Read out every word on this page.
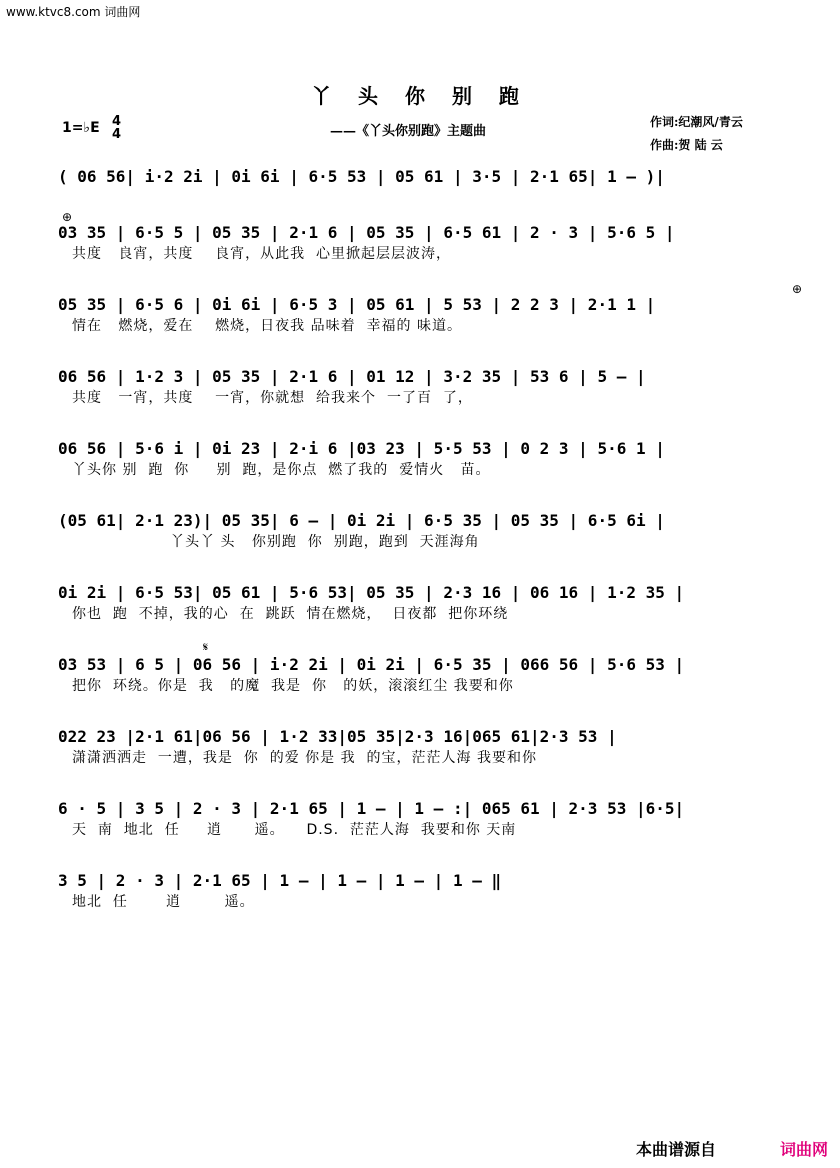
www.ktvc8.com 词曲网
丫 头 你 别 跑
——《丫头你别跑》主题曲
1=♭E 4
4
作词:纪潮风/青云
作曲:贺 陆 云
⊕
⊕
𝄋
( 06 56| i·2 2i | 0i 6i | 6·5 53 | 05 61 | 3·5 | 2·1 65| 1 — )|
03 35 | 6·5 5 | 05 35 | 2·1 6 | 05 35 | 6·5 61 | 2 · 3 | 5·6 5 |
共度   良宵，共度    良宵，从此我  心里掀起层层波涛，
05 35 | 6·5 6 | 0i 6i | 6·5 3 | 05 61 | 5 53 | 2 2 3 | 2·1 1 |
情在   燃烧，爱在    燃烧，日夜我 品味着  幸福的 味道。
06 56 | 1·2 3 | 05 35 | 2·1 6 | 01 12 | 3·2 35 | 53 6 | 5 — |
共度   一宵，共度    一宵，你就想  给我来个  一了百  了，
06 56 | 5·6 i | 0i 23 | 2·i 6 |03 23 | 5·5 53 | 0 2 3 | 5·6 1 |
丫头你 别  跑  你     别  跑，是你点  燃了我的  爱情火   苗。
(05 61| 2·1 23)| 05 35| 6 — | 0i 2i | 6·5 35 | 05 35 | 6·5 6i |
丫头丫 头   你别跑  你  别跑，跑到  天涯海角
0i 2i | 6·5 53| 05 61 | 5·6 53| 05 35 | 2·3 16 | 06 16 | 1·2 35 |
你也  跑  不掉，我的心  在  跳跃  情在燃烧，  日夜都  把你环绕
03 53 | 6 5 | 06 56 | i·2 2i | 0i 2i | 6·5 35 | 066 56 | 5·6 53 |
把你  环绕。你是  我   的魔  我是  你   的妖，滚滚红尘 我要和你
022 23 |2·1 61|06 56 | 1·2 33|05 35|2·3 16|065 61|2·3 53 |
潇潇洒洒走  一遭，我是  你  的爱 你是 我  的宝，茫茫人海 我要和你
6 · 5 | 3 5 | 2 · 3 | 2·1 65 | 1 — | 1 — :| 065 61 | 2·3 53 |6·5|
天  南  地北  任     逍      遥。    D.S.  茫茫人海  我要和你 天南
3 5 | 2 · 3 | 2·1 65 | 1 — | 1 — | 1 — | 1 — ‖
地北  任       逍        遥。
本曲谱源自	词曲网
